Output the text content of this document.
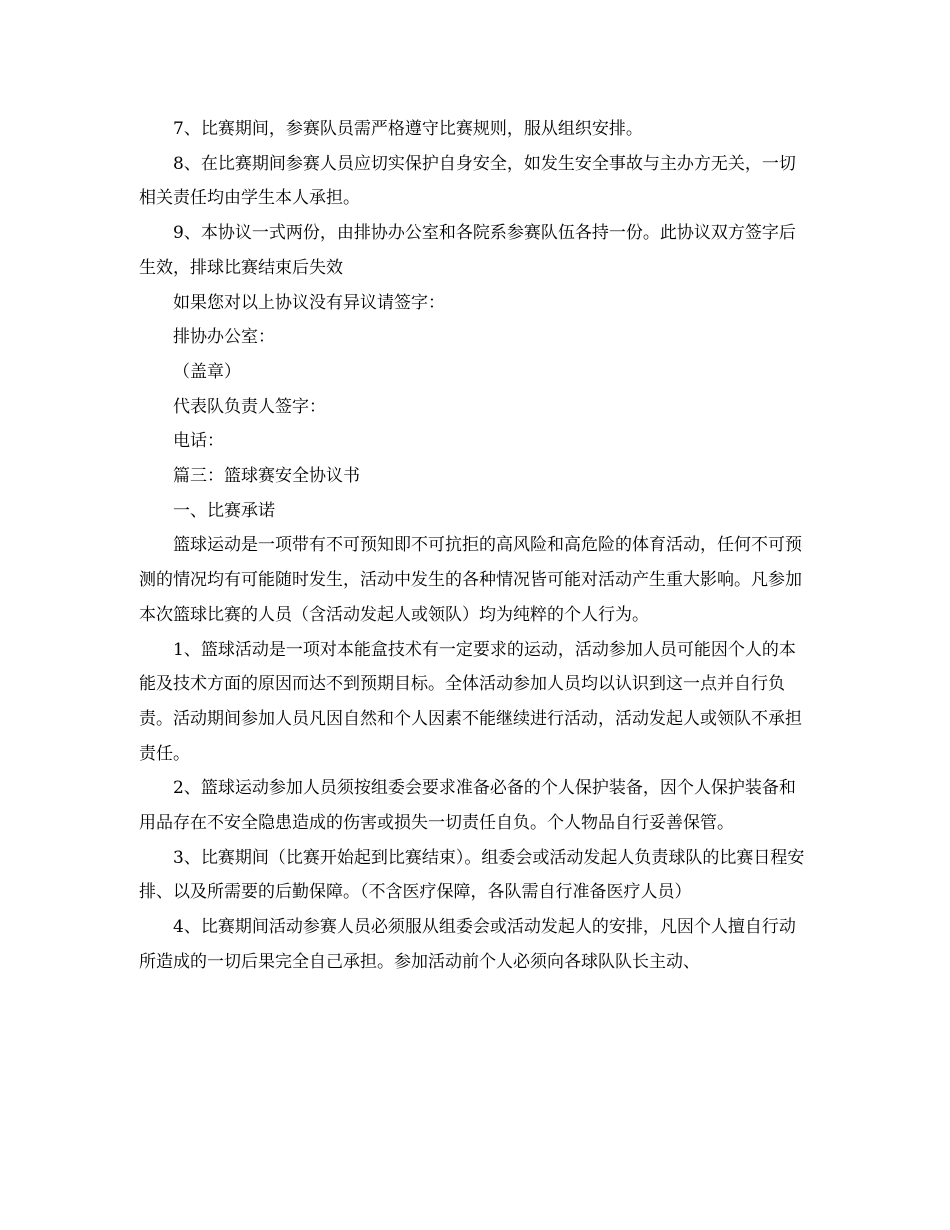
7、比赛期间，参赛队员需严格遵守比赛规则，服从组织安排。

8、在比赛期间参赛人员应切实保护自身安全，如发生安全事故与主办方无关，一切相关责任均由学生本人承担。

9、本协议一式两份，由排协办公室和各院系参赛队伍各持一份。此协议双方签字后生效，排球比赛结束后失效

如果您对以上协议没有异议请签字：

排协办公室：

（盖章）

代表队负责人签字：

电话：

篇三：篮球赛安全协议书

一、比赛承诺

篮球运动是一项带有不可预知即不可抗拒的高风险和高危险的体育活动，任何不可预测的情况均有可能随时发生，活动中发生的各种情况皆可能对活动产生重大影响。凡参加本次篮球比赛的人员（含活动发起人或领队）均为纯粹的个人行为。

1、篮球活动是一项对本能盒技术有一定要求的运动，活动参加人员可能因个人的本能及技术方面的原因而达不到预期目标。全体活动参加人员均以认识到这一点并自行负责。活动期间参加人员凡因自然和个人因素不能继续进行活动，活动发起人或领队不承担责任。

2、篮球运动参加人员须按组委会要求准备必备的个人保护装备，因个人保护装备和用品存在不安全隐患造成的伤害或损失一切责任自负。个人物品自行妥善保管。

3、比赛期间（比赛开始起到比赛结束）。组委会或活动发起人负责球队的比赛日程安排、以及所需要的后勤保障。（不含医疗保障，各队需自行准备医疗人员）

4、比赛期间活动参赛人员必须服从组委会或活动发起人的安排，凡因个人擅自行动所造成的一切后果完全自己承担。参加活动前个人必须向各球队队长主动、
